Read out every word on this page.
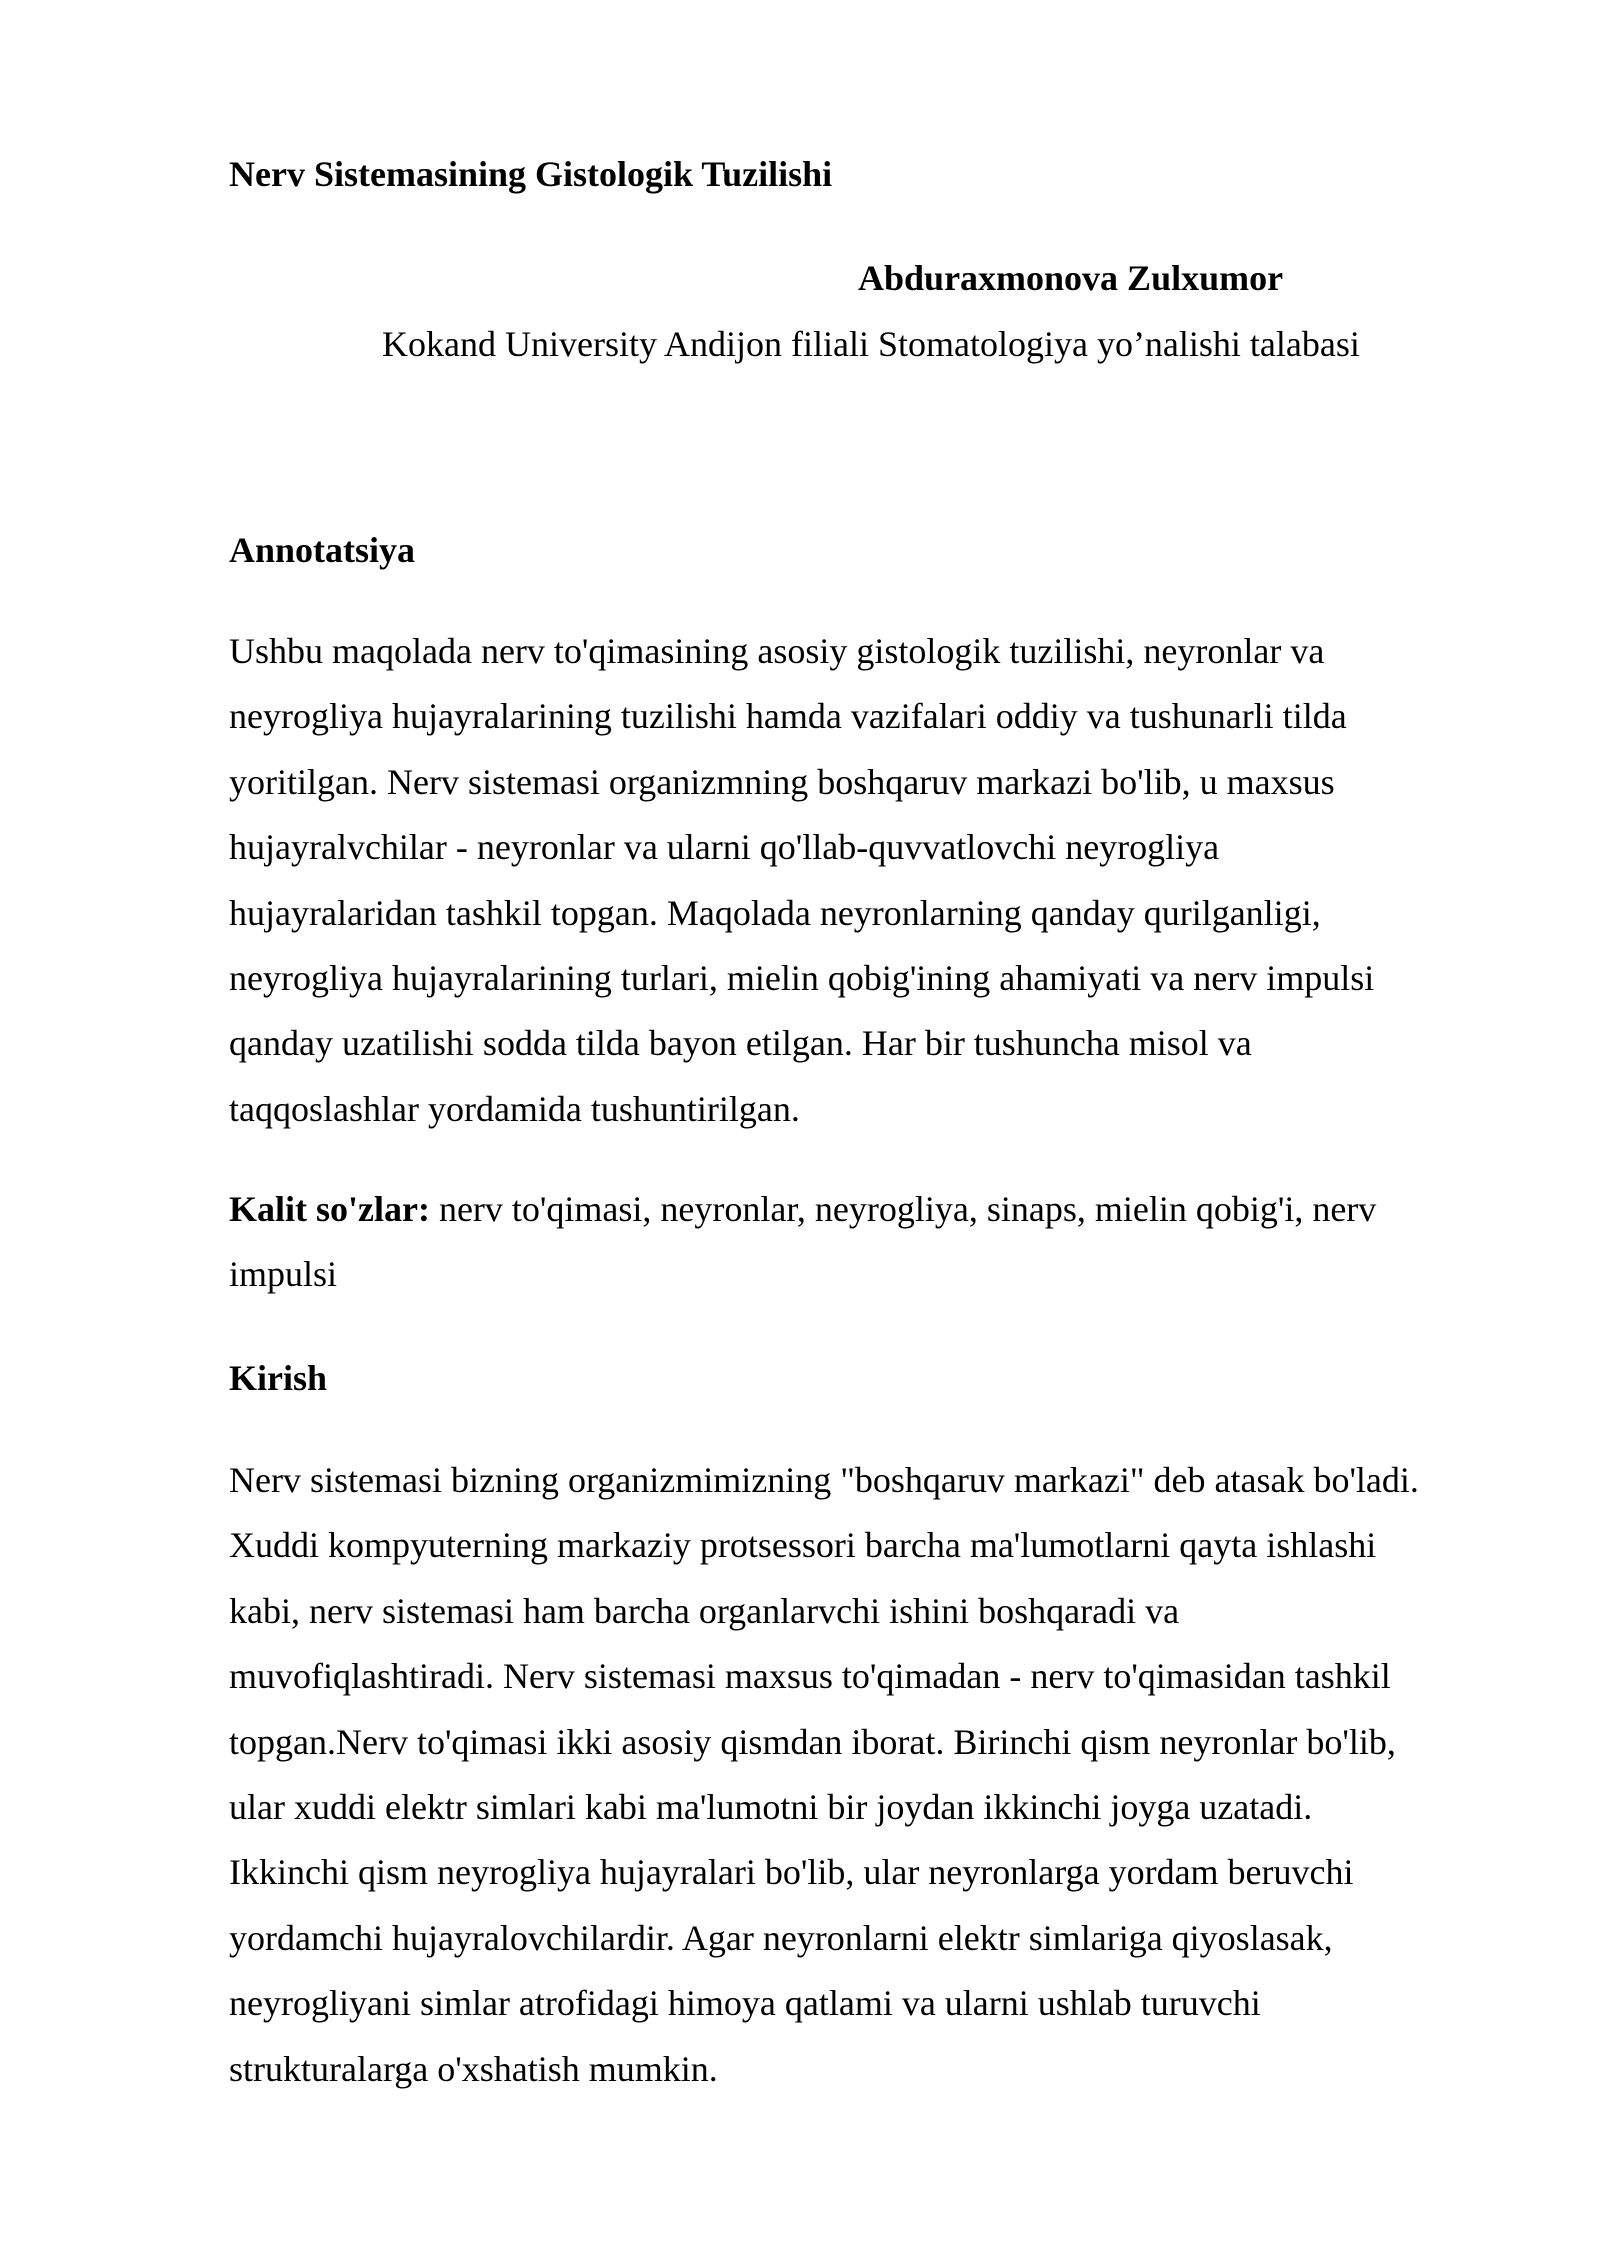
Nerv Sistemasining Gistologik Tuzilishi
Abduraxmonova Zulxumor
Kokand University Andijon filiali Stomatologiya yo’nalishi talabasi
Annotatsiya
Ushbu maqolada nerv to'qimasining asosiy gistologik tuzilishi, neyronlar va
neyrogliya hujayralarining tuzilishi hamda vazifalari oddiy va tushunarli tilda
yoritilgan. Nerv sistemasi organizmning boshqaruv markazi bo'lib, u maxsus
hujayralvchilar - neyronlar va ularni qo'llab-quvvatlovchi neyrogliya
hujayralaridan tashkil topgan. Maqolada neyronlarning qanday qurilganligi,
neyrogliya hujayralarining turlari, mielin qobig'ining ahamiyati va nerv impulsi
qanday uzatilishi sodda tilda bayon etilgan. Har bir tushuncha misol va
taqqoslashlar yordamida tushuntirilgan.
Kalit so'zlar: nerv to'qimasi, neyronlar, neyrogliya, sinaps, mielin qobig'i, nerv
impulsi
Kirish
Nerv sistemasi bizning organizmimizning "boshqaruv markazi" deb atasak bo'ladi.
Xuddi kompyuterning markaziy protsessori barcha ma'lumotlarni qayta ishlashi
kabi, nerv sistemasi ham barcha organlarvchi ishini boshqaradi va
muvofiqlashtiradi. Nerv sistemasi maxsus to'qimadan - nerv to'qimasidan tashkil
topgan.Nerv to'qimasi ikki asosiy qismdan iborat. Birinchi qism neyronlar bo'lib,
ular xuddi elektr simlari kabi ma'lumotni bir joydan ikkinchi joyga uzatadi.
Ikkinchi qism neyrogliya hujayralari bo'lib, ular neyronlarga yordam beruvchi
yordamchi hujayralovchilardir. Agar neyronlarni elektr simlariga qiyoslasak,
neyrogliyani simlar atrofidagi himoya qatlami va ularni ushlab turuvchi
strukturalarga o'xshatish mumkin.
